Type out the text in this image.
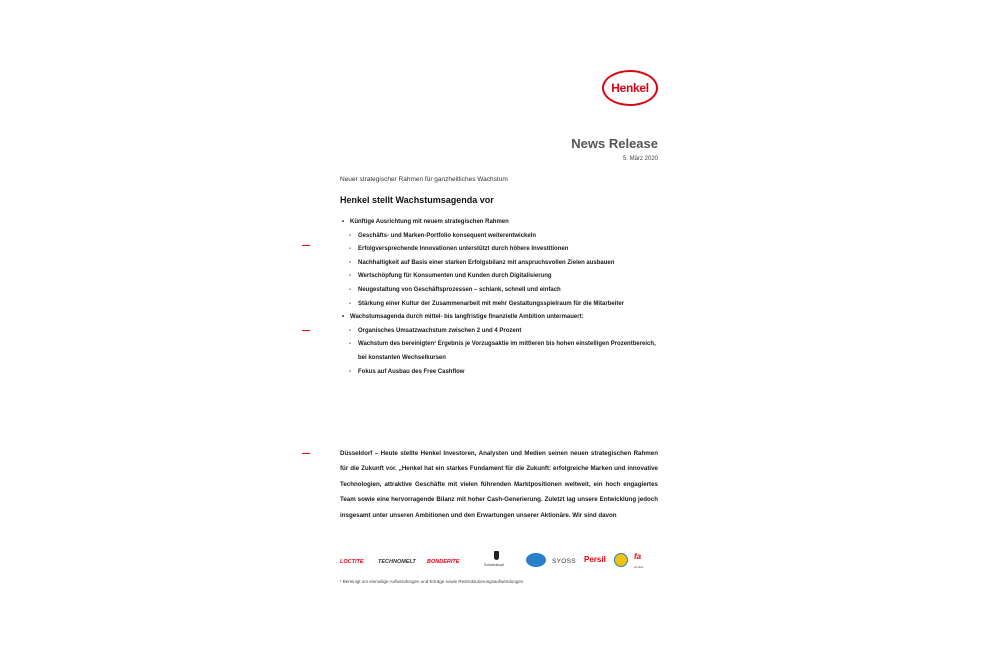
Henkel
News Release
5. März 2020
Neuer strategischer Rahmen für ganzheitliches Wachstum
Henkel stellt Wachstumsagenda vor
• Künftige Ausrichtung mit neuem strategischen Rahmen
- Geschäfts- und Marken-Portfolio konsequent weiterentwickeln
- Erfolgversprechende Innovationen unterstützt durch höhere Investitionen
- Nachhaltigkeit auf Basis einer starken Erfolgsbilanz mit anspruchsvollen Zielen ausbauen
- Wertschöpfung für Konsumenten und Kunden durch Digitalisierung
- Neugestaltung von Geschäftsprozessen – schlank, schnell und einfach
- Stärkung einer Kultur der Zusammenarbeit mit mehr Gestaltungsspielraum für die Mitarbeiter
• Wachstumsagenda durch mittel- bis langfristige finanzielle Ambition untermauert:
- Organisches Umsatzwachstum zwischen 2 und 4 Prozent
- Wachstum des bereinigten¹ Ergebnis je Vorzugsaktie im mittleren bis hohen einstelligen Prozentbereich, bei konstanten Wechselkursen
- Fokus auf Ausbau des Free Cashflow
Düsseldorf – Heute stellte Henkel Investoren, Analysten und Medien seinen neuen strategischen Rahmen für die Zukunft vor. „Henkel hat ein starkes Fundament für die Zukunft: erfolgreiche Marken und innovative Technologien, attraktive Geschäfte mit vielen führenden Marktpositionen weltweit, ein hoch engagiertes Team sowie eine hervorragende Bilanz mit hoher Cash-Generierung. Zuletzt lag unsere Entwicklung jedoch insgesamt unter unseren Ambitionen und den Erwartungen unserer Aktionäre. Wir sind davon
LOCTITE	TECHNOMELT BONDERITE	Schwarzkopf	SYOSS Persil	fa
Henkel
¹ Bereinigt um einmalige Aufwendungen und Erträge sowie Restrukturierungsaufwendungen
